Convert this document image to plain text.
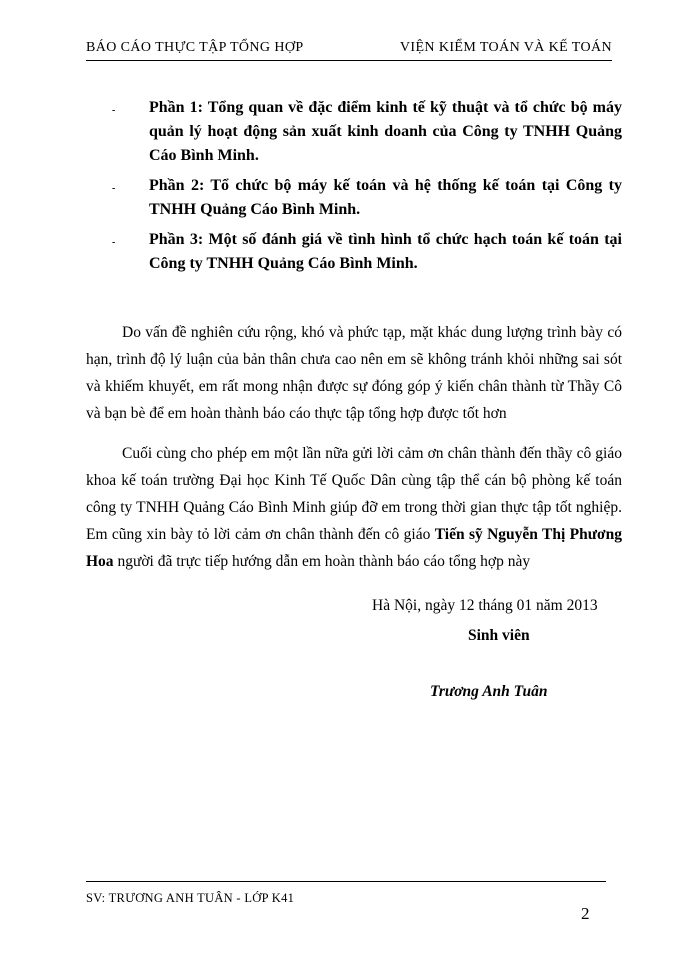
BÁO CÁO THỰC TẬP TỔNG HỢP	VIỆN KIỂM TOÁN VÀ KẾ TOÁN
-	Phần 1: Tổng quan về đặc điểm kinh tế kỹ thuật và tổ chức bộ máy quản lý hoạt động sản xuất kinh doanh của Công ty TNHH Quảng Cáo Bình Minh.
-	Phần 2: Tổ chức bộ máy kế toán và hệ thống kế toán tại Công ty TNHH Quảng Cáo Bình Minh.
-	Phần 3: Một số đánh giá về tình hình tổ chức hạch toán kế toán tại Công ty TNHH Quảng Cáo Bình Minh.
Do vấn đề nghiên cứu rộng, khó và phức tạp, mặt khác dung lượng trình bày có hạn, trình độ lý luận của bản thân chưa cao nên em sẽ không tránh khỏi những sai sót và khiếm khuyết, em rất mong nhận được sự đóng góp ý kiến chân thành từ Thầy Cô và bạn bè để em hoàn thành báo cáo thực tập tổng hợp được tốt hơn
Cuối cùng cho phép em một lần nữa gửi lời cảm ơn chân thành đến thầy cô giáo khoa kế toán trường Đại học Kinh Tế Quốc Dân cùng tập thể cán bộ phòng kế toán công ty TNHH Quảng Cáo Bình Minh giúp đỡ em trong thời gian thực tập tốt nghiệp. Em cũng xin bày tỏ lời cảm ơn chân thành đến cô giáo Tiến sỹ Nguyễn Thị Phương Hoa người đã trực tiếp hướng dẫn em hoàn thành báo cáo tổng hợp này
Hà Nội, ngày 12 tháng 01 năm 2013
Sinh viên
Trương Anh Tuân
SV: TRƯƠNG ANH TUÂN - LỚP K41
2
